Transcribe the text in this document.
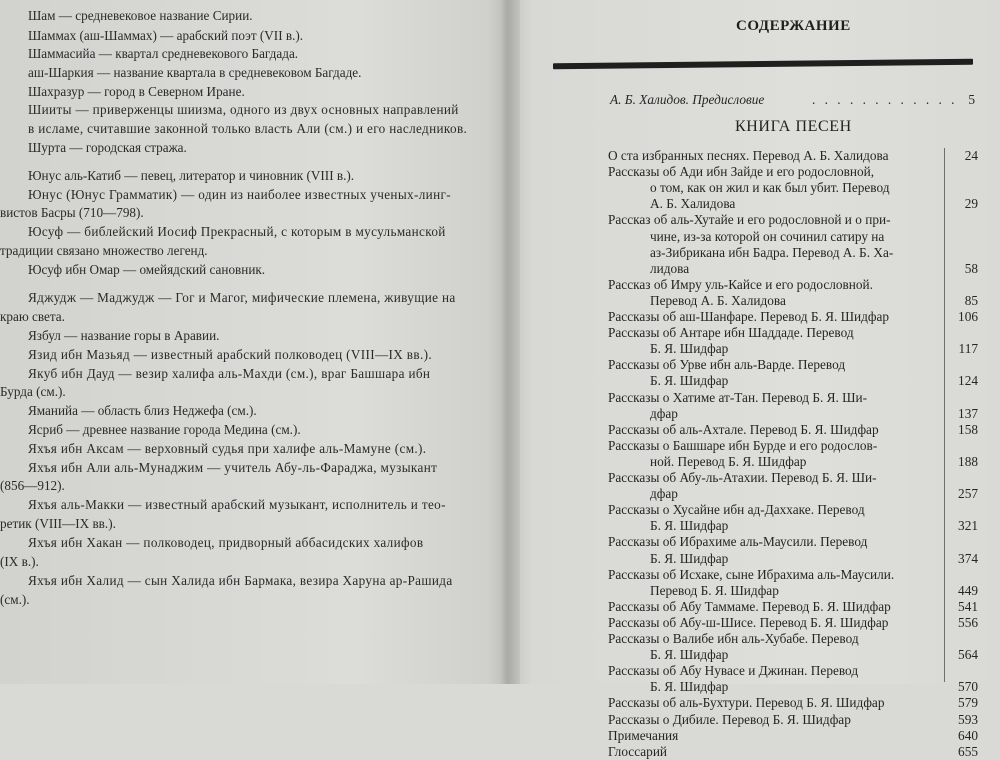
Шам — средневековое название Сирии.
Шаммах (аш-Шаммах) — арабский поэт (VII в.).
Шаммасийа — квартал средневекового Багдада.
аш-Шаркия — название квартала в средневековом Багдаде.
Шахразур — город в Северном Иране.
Шииты — приверженцы шиизма, одного из двух основных направлений
в исламе, считавшие законной только власть Али (см.) и его наследников.
Шурта — городская стража.
Юнус аль-Катиб — певец, литератор и чиновник (VIII в.).
Юнус (Юнус Грамматик) — один из наиболее известных ученых-линг-
вистов Басры (710—798).
Юсуф — библейский Иосиф Прекрасный, с которым в мусульманской
традиции связано множество легенд.
Юсуф ибн Омар — омейядский сановник.
Яджудж — Маджудж — Гог и Магог, мифические племена, живущие на
краю света.
Язбул — название горы в Аравии.
Язид ибн Мазьяд — известный арабский полководец (VIII—IX вв.).
Якуб ибн Дауд — везир халифа аль-Махди (см.), враг Башшара ибн
Бурда (см.).
Яманийа — область близ Неджефа (см.).
Ясриб — древнее название города Медина (см.).
Яхъя ибн Аксам — верховный судья при халифе аль-Мамуне (см.).
Яхъя ибн Али аль-Мунаджим — учитель Абу-ль-Фараджа, музыкант
(856—912).
Яхъя аль-Макки — известный арабский музыкант, исполнитель и тео-
ретик (VIII—IX вв.).
Яхъя ибн Хакан — полководец, придворный аббасидских халифов
(IX в.).
Яхъя ибн Халид — сын Халида ибн Бармака, везира Харуна ар-Рашида
(см.).
СОДЕРЖАНИЕ
А. Б. Халидов. Предисловие	. . . . . . . . . . . . 5
КНИГА ПЕСЕН
О ста избранных песнях. Перевод А. Б. Халидова	24
Рассказы об Ади ибн Зайде и его родословной,
о том, как он жил и как был убит. Перевод
А. Б. Халидова	29
Рассказ об аль-Хутайе и его родословной и о при-
чине, из-за которой он сочинил сатиру на
аз-Зибрикана ибн Бадра. Перевод А. Б. Ха-
лидова	58
Рассказ об Имру уль-Кайсе и его родословной.
Перевод А. Б. Халидова	85
Рассказы об аш-Шанфаре. Перевод Б. Я. Шидфар	106
Рассказы об Антаре ибн Шаддаде. Перевод
Б. Я. Шидфар	117
Рассказы об Урве ибн аль-Варде. Перевод
Б. Я. Шидфар	124
Рассказы о Хатиме ат-Тан. Перевод Б. Я. Ши-
дфар	137
Рассказы об аль-Ахтале. Перевод Б. Я. Шидфар	158
Рассказы о Башшаре ибн Бурде и его родослов-
ной. Перевод Б. Я. Шидфар	188
Рассказы об Абу-ль-Атахии. Перевод Б. Я. Ши-
дфар	257
Рассказы о Хусайне ибн ад-Даххаке. Перевод
Б. Я. Шидфар	321
Рассказы об Ибрахиме аль-Маусили. Перевод
Б. Я. Шидфар	374
Рассказы об Исхаке, сыне Ибрахима аль-Маусили.
Перевод Б. Я. Шидфар	449
Рассказы об Абу Таммаме. Перевод Б. Я. Шидфар	541
Рассказы об Абу-ш-Шисе. Перевод Б. Я. Шидфар	556
Рассказы о Валибе ибн аль-Хубабе. Перевод
Б. Я. Шидфар	564
Рассказы об Абу Нувасе и Джинан. Перевод
Б. Я. Шидфар	570
Рассказы об аль-Бухтури. Перевод Б. Я. Шидфар	579
Рассказы о Дибиле. Перевод Б. Я. Шидфар	593
Примечания	640
Глоссарий	655
